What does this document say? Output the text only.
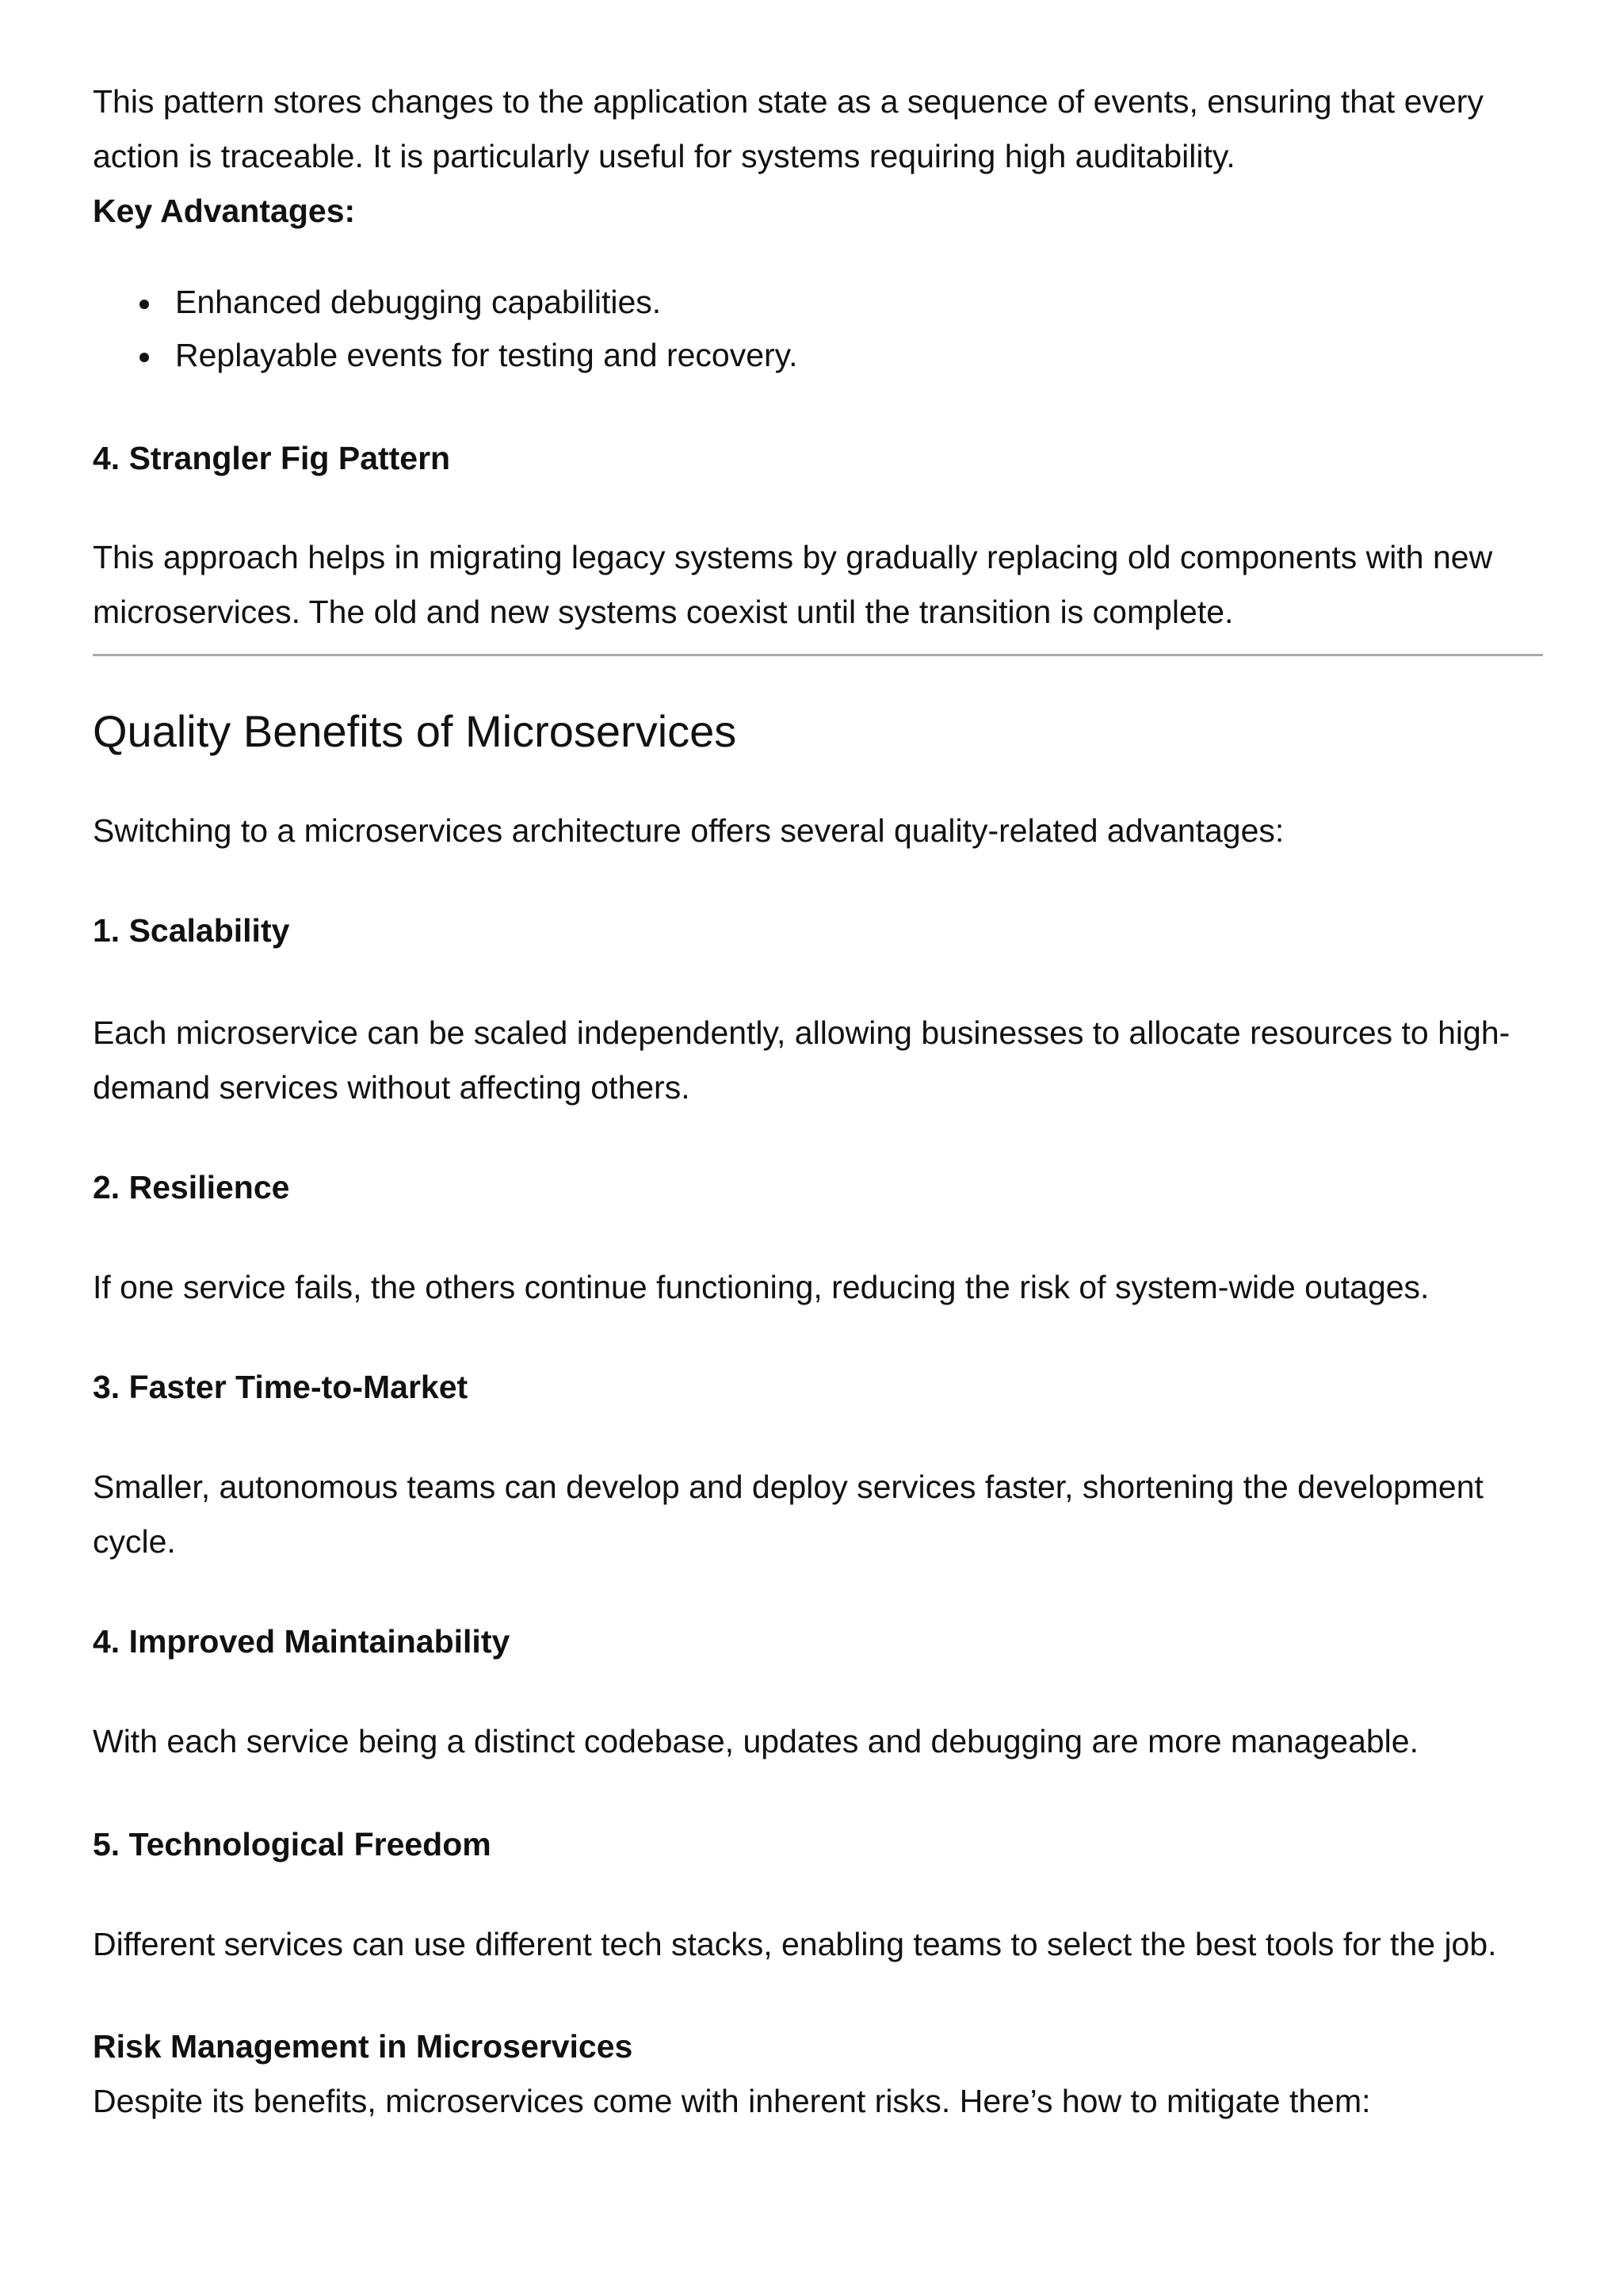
This pattern stores changes to the application state as a sequence of events, ensuring that every action is traceable. It is particularly useful for systems requiring high auditability.

Key Advantages:

Enhanced debugging capabilities.
Replayable events for testing and recovery.

4. Strangler Fig Pattern

This approach helps in migrating legacy systems by gradually replacing old components with new microservices. The old and new systems coexist until the transition is complete.

Quality Benefits of Microservices

Switching to a microservices architecture offers several quality-related advantages:

1. Scalability

Each microservice can be scaled independently, allowing businesses to allocate resources to high-demand services without affecting others.

2. Resilience

If one service fails, the others continue functioning, reducing the risk of system-wide outages.

3. Faster Time-to-Market

Smaller, autonomous teams can develop and deploy services faster, shortening the development cycle.

4. Improved Maintainability

With each service being a distinct codebase, updates and debugging are more manageable.

5. Technological Freedom

Different services can use different tech stacks, enabling teams to select the best tools for the job.

Risk Management in Microservices

Despite its benefits, microservices come with inherent risks. Here’s how to mitigate them:
